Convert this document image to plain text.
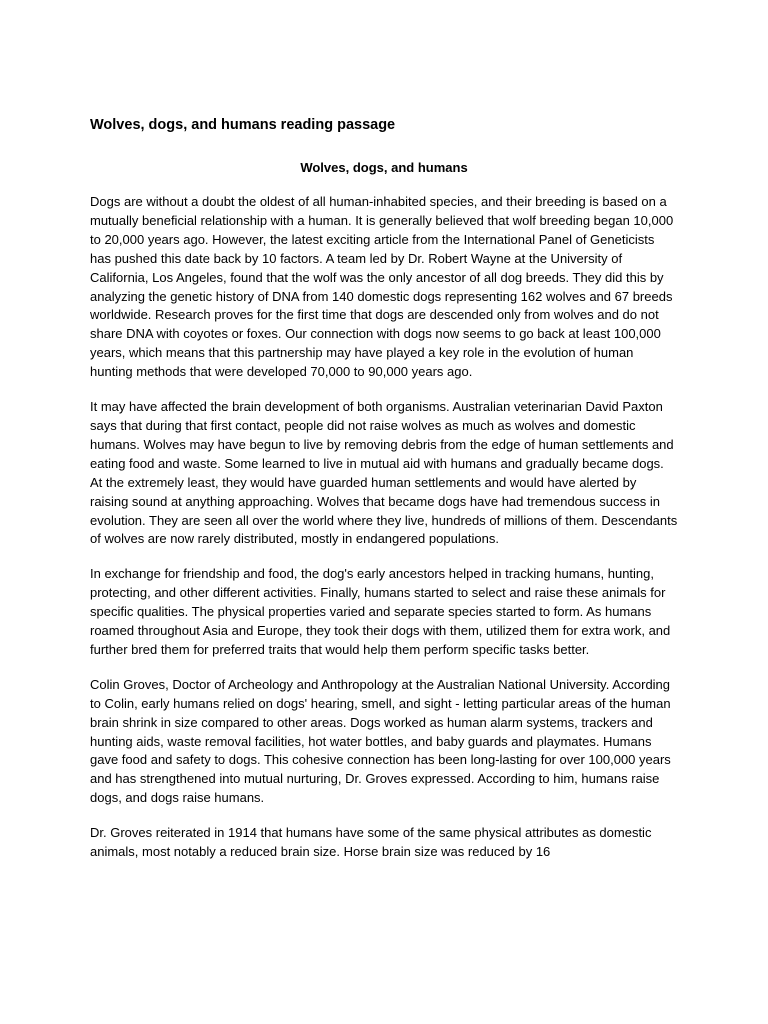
Wolves, dogs, and humans reading passage
Wolves, dogs, and humans

Dogs are without a doubt the oldest of all human-inhabited species, and their breeding is based on a mutually beneficial relationship with a human. It is generally believed that wolf breeding began 10,000 to 20,000 years ago. However, the latest exciting article from the International Panel of Geneticists has pushed this date back by 10 factors. A team led by Dr. Robert Wayne at the University of California, Los Angeles, found that the wolf was the only ancestor of all dog breeds. They did this by analyzing the genetic history of DNA from 140 domestic dogs representing 162 wolves and 67 breeds worldwide. Research proves for the first time that dogs are descended only from wolves and do not share DNA with coyotes or foxes. Our connection with dogs now seems to go back at least 100,000 years, which means that this partnership may have played a key role in the evolution of human hunting methods that were developed 70,000 to 90,000 years ago.

It may have affected the brain development of both organisms. Australian veterinarian David Paxton says that during that first contact, people did not raise wolves as much as wolves and domestic humans. Wolves may have begun to live by removing debris from the edge of human settlements and eating food and waste. Some learned to live in mutual aid with humans and gradually became dogs. At the extremely least, they would have guarded human settlements and would have alerted by raising sound at anything approaching. Wolves that became dogs have had tremendous success in evolution. They are seen all over the world where they live, hundreds of millions of them. Descendants of wolves are now rarely distributed, mostly in endangered populations.

In exchange for friendship and food, the dog's early ancestors helped in tracking humans, hunting, protecting, and other different activities. Finally, humans started to select and raise these animals for specific qualities. The physical properties varied and separate species started to form. As humans roamed throughout Asia and Europe, they took their dogs with them, utilized them for extra work, and further bred them for preferred traits that would help them perform specific tasks better.

Colin Groves, Doctor of Archeology and Anthropology at the Australian National University. According to Colin, early humans relied on dogs' hearing, smell, and sight - letting particular areas of the human brain shrink in size compared to other areas. Dogs worked as human alarm systems, trackers and hunting aids, waste removal facilities, hot water bottles, and baby guards and playmates. Humans gave food and safety to dogs. This cohesive connection has been long-lasting for over 100,000 years and has strengthened into mutual nurturing, Dr. Groves expressed. According to him, humans raise dogs, and dogs raise humans.

Dr. Groves reiterated in 1914 that humans have some of the same physical attributes as domestic animals, most notably a reduced brain size. Horse brain size was reduced by 16
